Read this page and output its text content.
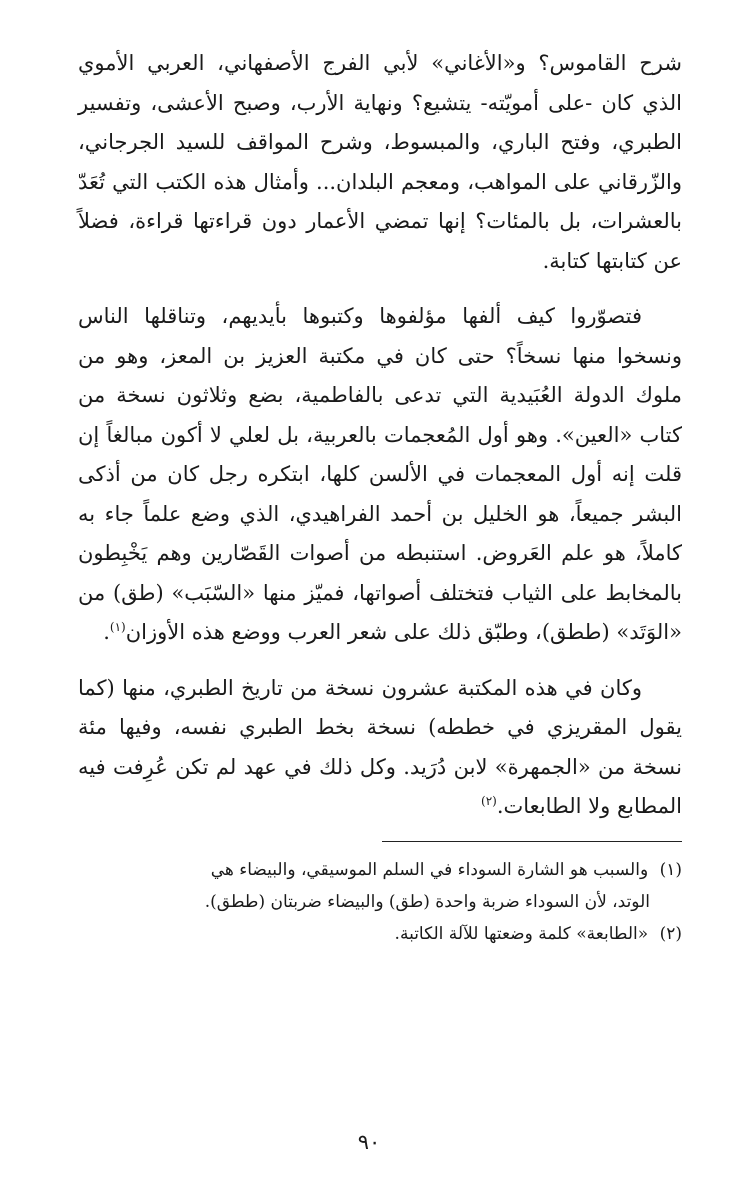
شرح القاموس؟ و«الأغاني» لأبي الفرج الأصفهاني، العربي الأموي الذي كان -على أمويّته- يتشيع؟ ونهاية الأرب، وصبح الأعشى، وتفسير الطبري، وفتح الباري، والمبسوط، وشرح المواقف للسيد الجرجاني، والزّرقاني على المواهب، ومعجم البلدان... وأمثال هذه الكتب التي تُعَدّ بالعشرات، بل بالمئات؟ إنها تمضي الأعمار دون قراءتها قراءة، فضلاً عن كتابتها كتابة.

فتصوّروا كيف ألفها مؤلفوها وكتبوها بأيديهم، وتناقلها الناس ونسخوا منها نسخاً؟ حتى كان في مكتبة العزيز بن المعز، وهو من ملوك الدولة العُبَيدية التي تدعى بالفاطمية، بضع وثلاثون نسخة من كتاب «العين». وهو أول المُعجمات بالعربية، بل لعلي لا أكون مبالغاً إن قلت إنه أول المعجمات في الألسن كلها، ابتكره رجل كان من أذكى البشر جميعاً، هو الخليل بن أحمد الفراهيدي، الذي وضع علماً جاء به كاملاً، هو علم العَروض. استنبطه من أصوات القَصّارين وهم يَخْبِطون بالمخابط على الثياب فتختلف أصواتها، فميّز منها «السّبَب» (طق) من «الوَتَد» (ططق)، وطبّق ذلك على شعر العرب ووضع هذه الأوزان$^{(١)}$.

وكان في هذه المكتبة عشرون نسخة من تاريخ الطبري، منها (كما يقول المقريزي في خططه) نسخة بخط الطبري نفسه، وفيها مئة نسخة من «الجمهرة» لابن دُرَيد. وكل ذلك في عهد لم تكن عُرِفت فيه المطابع ولا الطابعات.$^{(٢)}$

(١) والسبب هو الشارة السوداء في السلم الموسيقي، والبيضاء هي

الوتد، لأن السوداء ضربة واحدة (طق) والبيضاء ضربتان (ططق).

(٢) «الطابعة» كلمة وضعتها للآلة الكاتبة.

٩٠
